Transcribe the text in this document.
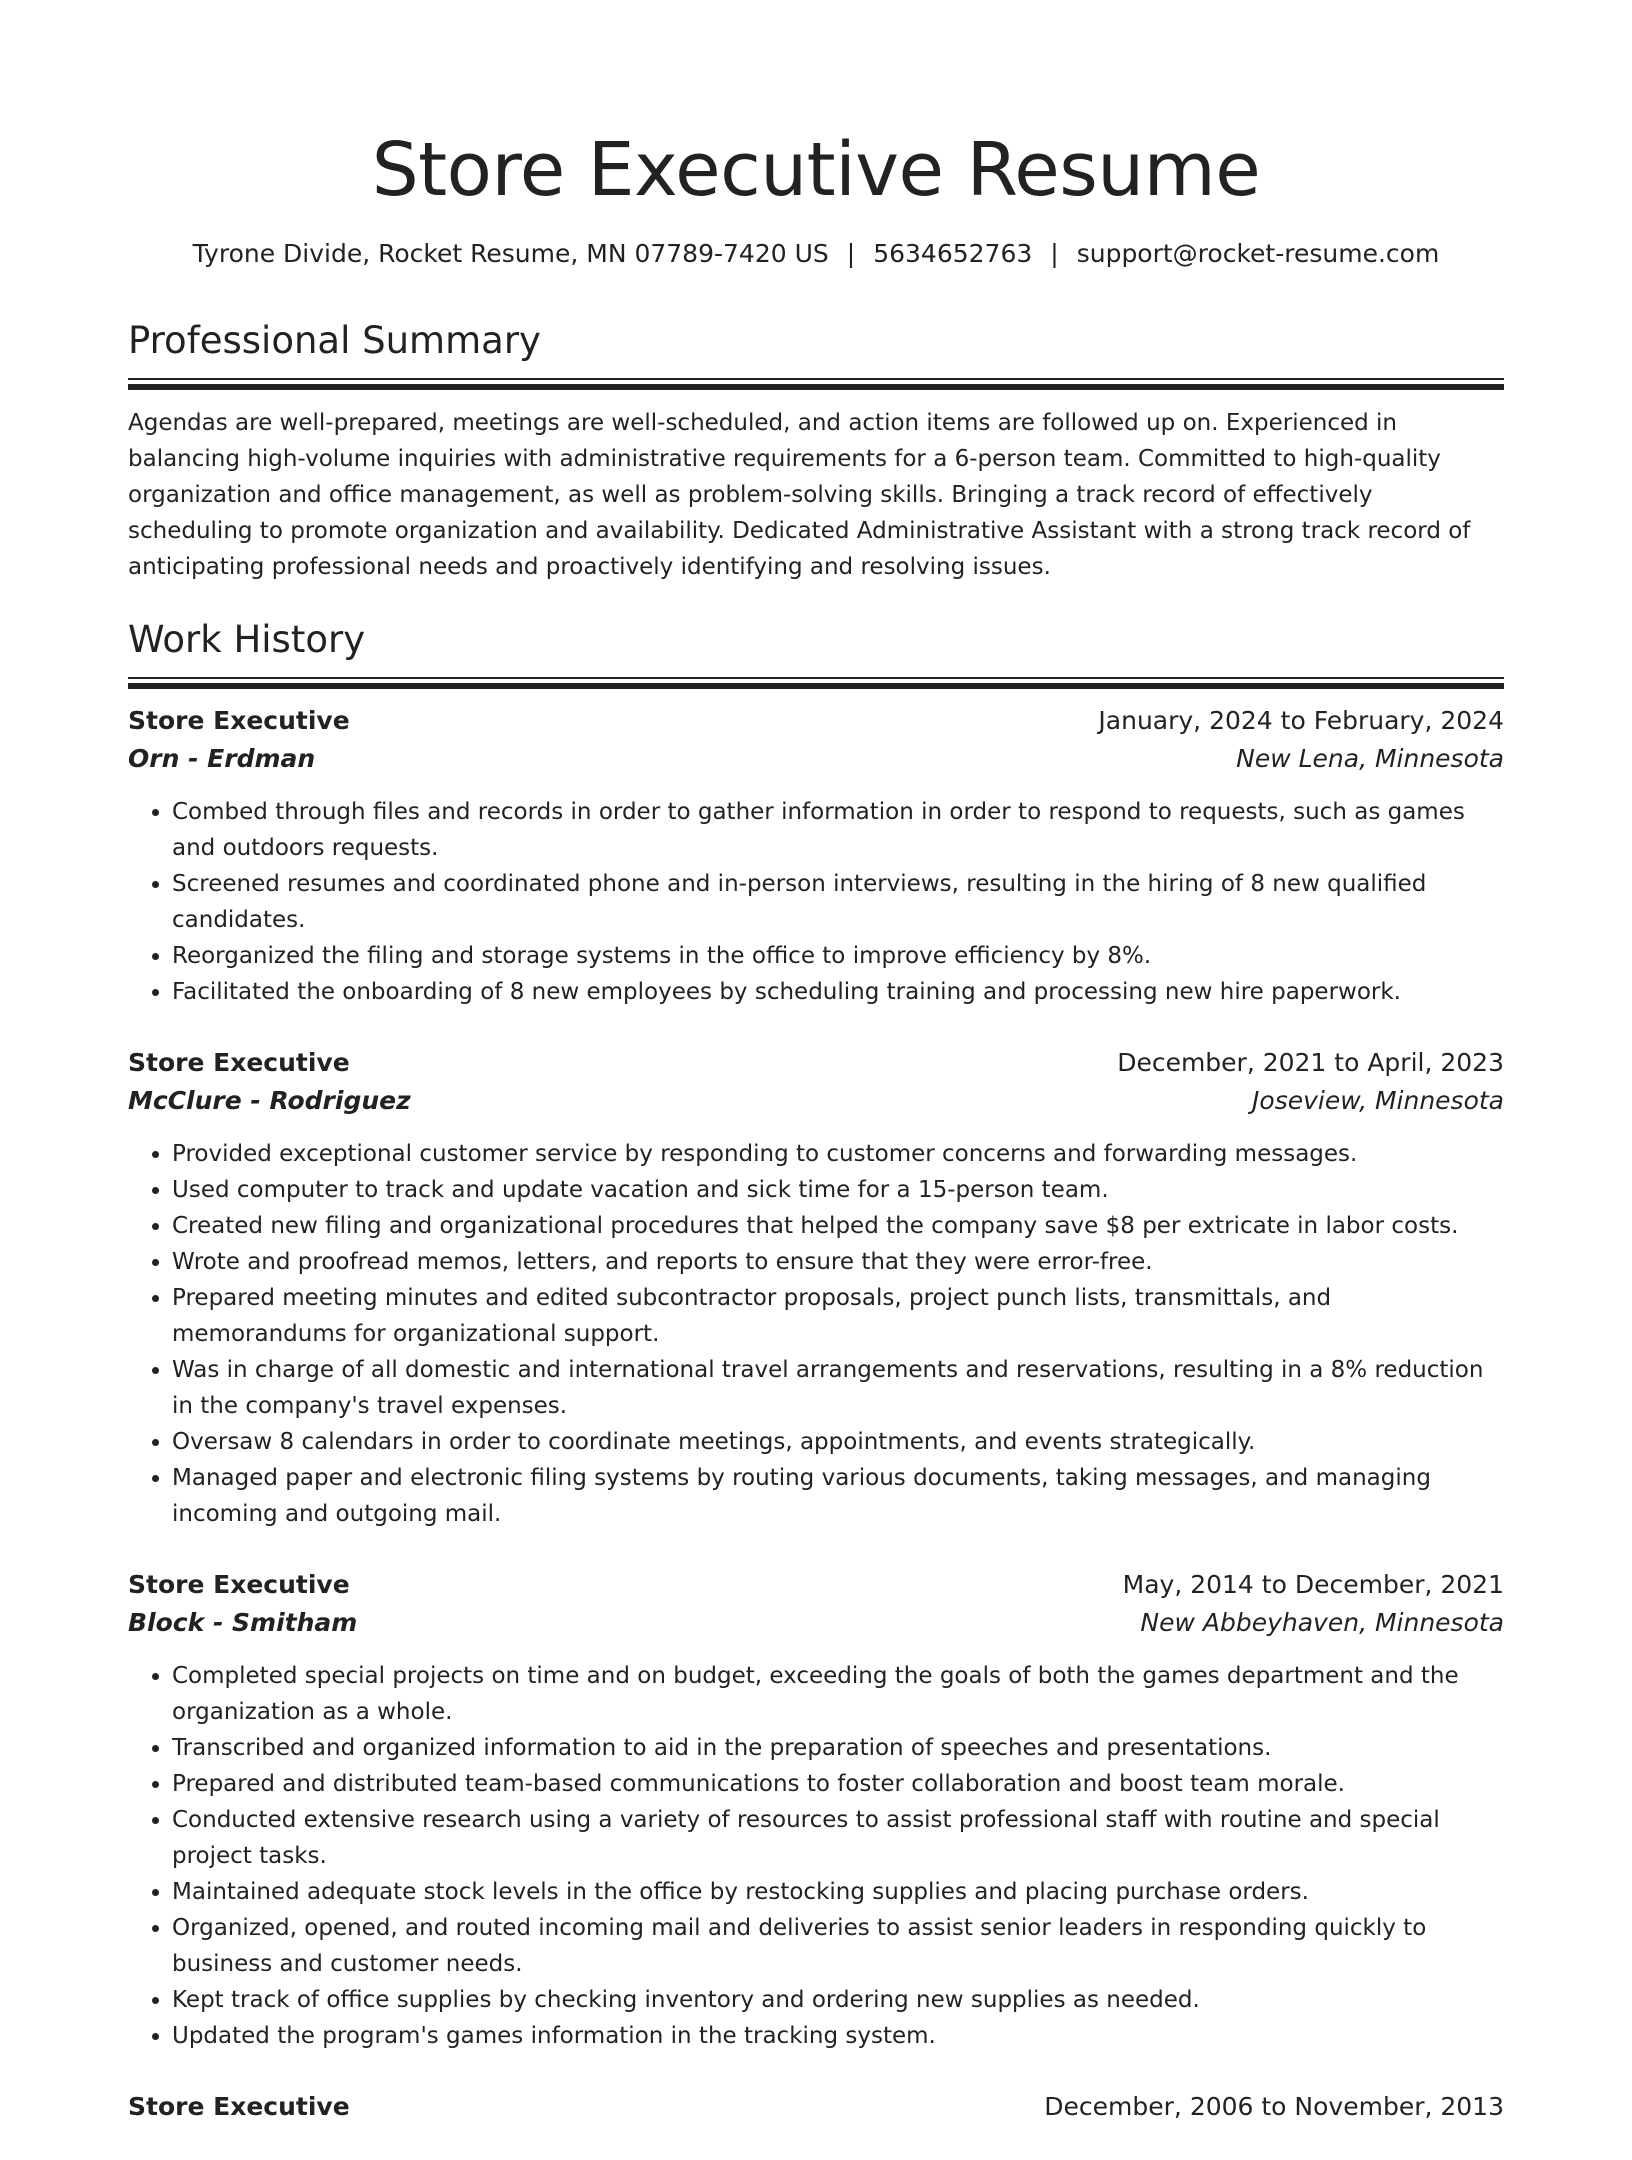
Store Executive Resume
Tyrone Divide, Rocket Resume, MN 07789-7420 US | 5634652763 | support@rocket-resume.com
Professional Summary

Agendas are well-prepared, meetings are well-scheduled, and action items are followed up on. Experienced in balancing high-volume inquiries with administrative requirements for a 6-person team. Committed to high-quality organization and office management, as well as problem-solving skills. Bringing a track record of effectively scheduling to promote organization and availability. Dedicated Administrative Assistant with a strong track record of anticipating professional needs and proactively identifying and resolving issues.

Work History
Store Executive	January, 2024 to February, 2024
Orn - Erdman	New Lena, Minnesota
• Combed through files and records in order to gather information in order to respond to requests, such as games and outdoors requests.
• Screened resumes and coordinated phone and in-person interviews, resulting in the hiring of 8 new qualified candidates.
• Reorganized the filing and storage systems in the office to improve efficiency by 8%.
• Facilitated the onboarding of 8 new employees by scheduling training and processing new hire paperwork.
Store Executive	December, 2021 to April, 2023
McClure - Rodriguez	Joseview, Minnesota
• Provided exceptional customer service by responding to customer concerns and forwarding messages.
• Used computer to track and update vacation and sick time for a 15-person team.
• Created new filing and organizational procedures that helped the company save $8 per extricate in labor costs.
• Wrote and proofread memos, letters, and reports to ensure that they were error-free.
• Prepared meeting minutes and edited subcontractor proposals, project punch lists, transmittals, and memorandums for organizational support.
• Was in charge of all domestic and international travel arrangements and reservations, resulting in a 8% reduction in the company's travel expenses.
• Oversaw 8 calendars in order to coordinate meetings, appointments, and events strategically.
• Managed paper and electronic filing systems by routing various documents, taking messages, and managing incoming and outgoing mail.
Store Executive	May, 2014 to December, 2021
Block - Smitham	New Abbeyhaven, Minnesota
• Completed special projects on time and on budget, exceeding the goals of both the games department and the organization as a whole.
• Transcribed and organized information to aid in the preparation of speeches and presentations.
• Prepared and distributed team-based communications to foster collaboration and boost team morale.
• Conducted extensive research using a variety of resources to assist professional staff with routine and special project tasks.
• Maintained adequate stock levels in the office by restocking supplies and placing purchase orders.
• Organized, opened, and routed incoming mail and deliveries to assist senior leaders in responding quickly to business and customer needs.
• Kept track of office supplies by checking inventory and ordering new supplies as needed.
• Updated the program's games information in the tracking system.
Store Executive	December, 2006 to November, 2013
